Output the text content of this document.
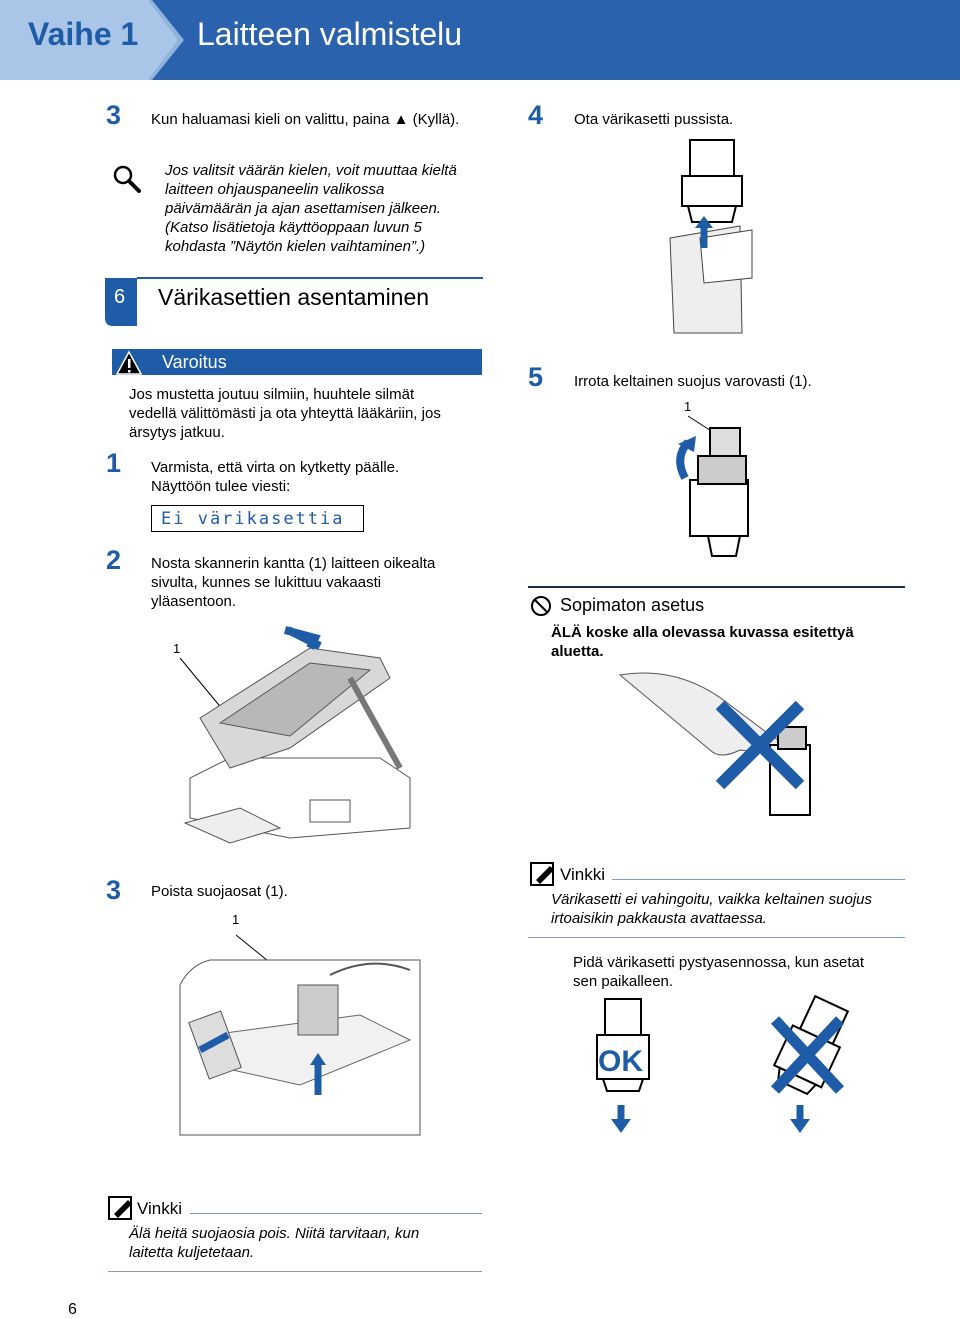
Vaihe 1 Laitteen valmistelu
3 Kun haluamasi kieli on valittu, paina ▲ (Kyllä).
Jos valitsit väärän kielen, voit muuttaa kieltä
laitteen ohjauspaneelin valikossa
päivämäärän ja ajan asettamisen jälkeen.
(Katso lisätietoja käyttöoppaan luvun 5
kohdasta ”Näytön kielen vaihtaminen”.)
6 Värikasettien asentaminen
Varoitus
Jos mustetta joutuu silmiin, huuhtele silmät
vedellä välittömästi ja ota yhteyttä lääkäriin, jos
ärsytys jatkuu.
1 Varmista, että virta on kytketty päälle.
Näyttöön tulee viesti:
Ei värikasettia
2 Nosta skannerin kantta (1) laitteen oikealta
sivulta, kunnes se lukittuu vakaasti
yläasentoon.
1
3 Poista suojaosat (1).
1
Vinkki
Älä heitä suojaosia pois. Niitä tarvitaan, kun
laitetta kuljetetaan.
4 Ota värikasetti pussista.
5 Irrota keltainen suojus varovasti (1).
1
Sopimaton asetus
ÄLÄ koske alla olevassa kuvassa esitettyä
aluetta.
Vinkki
Värikasetti ei vahingoitu, vaikka keltainen suojus
irtoaisikin pakkausta avattaessa.
Pidä värikasetti pystyasennossa, kun asetat
sen paikalleen.
OK
6
